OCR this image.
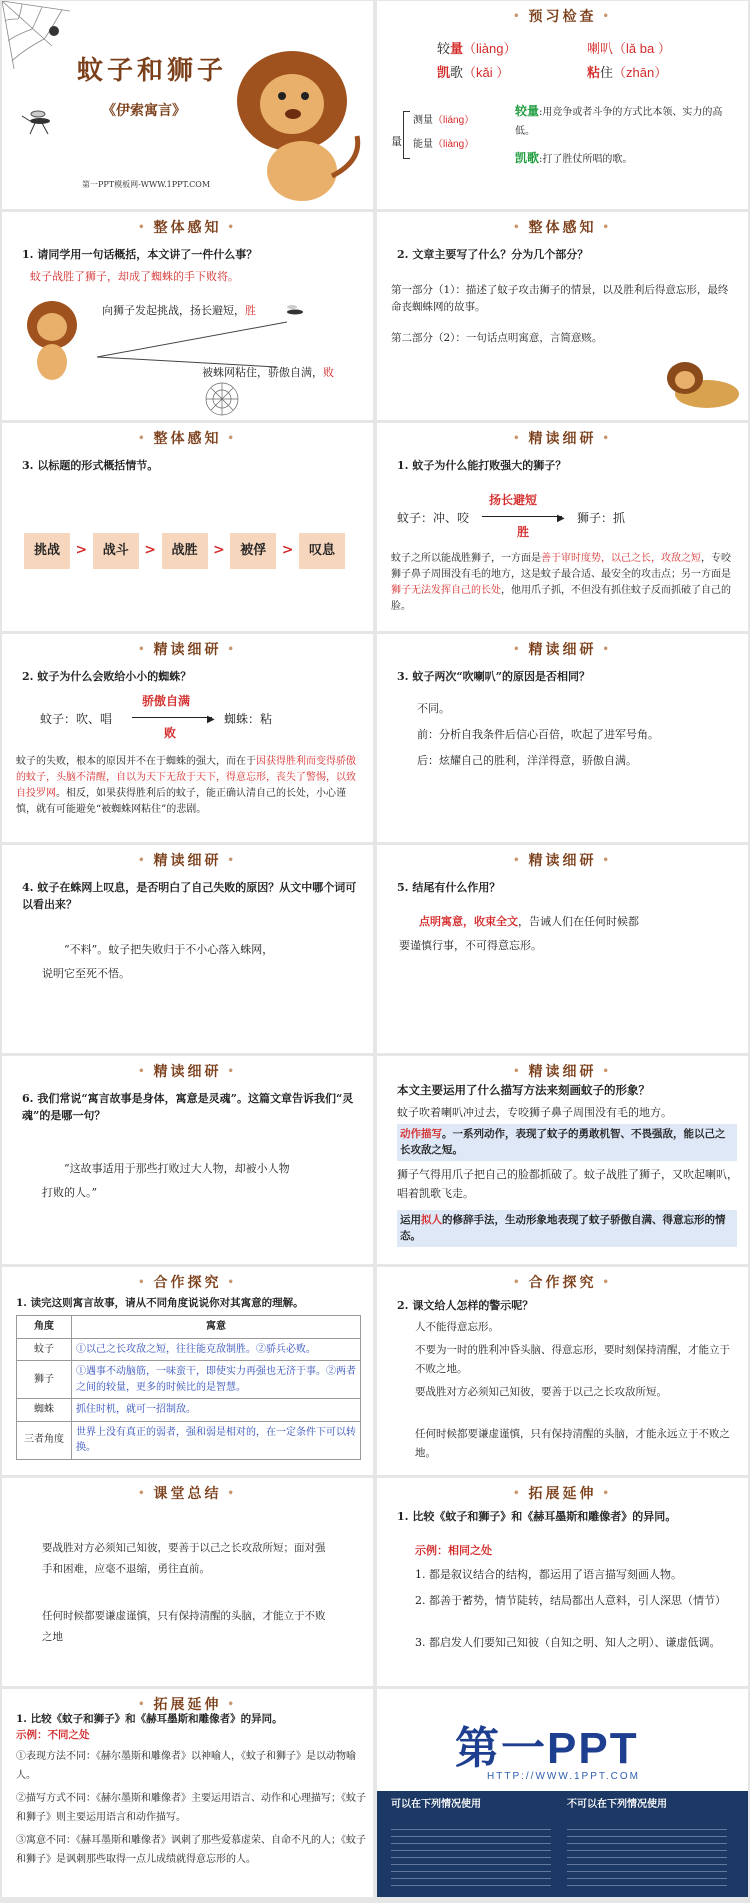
蚊子和狮子
《伊索寓言》
第一PPT模板网-WWW.1PPT.COM
• 预习检查 •
较量（liàng）	喇叭（lǎ ba ）
凯歌（kǎi ）	粘住（zhān）
量
测量（liáng）
能量（liàng）
较量:用竞争或者斗争的方式比本领、实力的高低。
凯歌:打了胜仗所唱的歌。
• 整体感知 •
1. 请同学用一句话概括，本文讲了一件什么事？
蚊子战胜了狮子，却成了蜘蛛的手下败将。
向狮子发起挑战，扬长避短，胜
被蛛网粘住，骄傲自满，败
• 整体感知 •
2. 文章主要写了什么？分为几个部分？
第一部分（1）：描述了蚊子攻击狮子的情景，以及胜利后得意忘形，最终命丧蜘蛛网的故事。
第二部分（2）：一句话点明寓意，言简意赅。
• 整体感知 •
3. 以标题的形式概括情节。
挑战 > 战斗 > 战胜 > 被俘 > 叹息
• 精读细研 •
1. 蚊子为什么能打败强大的狮子？
蚊子：冲、咬
扬长避短
▶
胜
狮子：抓
蚊子之所以能战胜狮子，一方面是善于审时度势，以己之长，攻敌之短，专咬狮子鼻子周围没有毛的地方，这是蚊子最合适、最安全的攻击点；另一方面是狮子无法发挥自己的长处，他用爪子抓，不但没有抓住蚊子反而抓破了自己的脸。
• 精读细研 •
2. 蚊子为什么会败给小小的蜘蛛？
蚊子：吹、唱
骄傲自满
▶
败
蜘蛛：粘
蚊子的失败，根本的原因并不在于蜘蛛的强大，而在于因获得胜利而变得骄傲的蚊子，头脑不清醒，自以为天下无敌于天下，得意忘形，丧失了警惕，以致自投罗网。相反，如果获得胜利后的蚊子，能正确认清自己的长处，小心谨慎，就有可能避免“被蜘蛛网粘住”的悲剧。
• 精读细研 •
3. 蚊子两次“吹喇叭”的原因是否相同？
不同。
前：分析自我条件后信心百倍，吹起了进军号角。
后：炫耀自己的胜利，洋洋得意，骄傲自满。
• 精读细研 •
4. 蚊子在蛛网上叹息，是否明白了自己失败的原因？从文中哪个词可以看出来？
“不料”。蚊子把失败归于不小心落入蛛网，
说明它至死不悟。
• 精读细研 •
5. 结尾有什么作用？
点明寓意，收束全文，告诫人们在任何时候都
要谨慎行事，不可得意忘形。
• 精读细研 •
6. 我们常说“寓言故事是身体，寓意是灵魂”。这篇文章告诉我们“灵魂”的是哪一句？
“这故事适用于那些打败过大人物，却被小人物
打败的人。”
• 精读细研 •
本文主要运用了什么描写方法来刻画蚊子的形象？
蚊子吹着喇叭冲过去，专咬狮子鼻子周围没有毛的地方。
动作描写。一系列动作，表现了蚊子的勇敢机智、不畏强敌，能以己之长攻敌之短。
狮子气得用爪子把自己的脸都抓破了。蚊子战胜了狮子，又吹起喇叭，唱着凯歌飞走。
运用拟人的修辞手法，生动形象地表现了蚊子骄傲自满、得意忘形的情态。
• 合作探究 •
1. 读完这则寓言故事，请从不同角度说说你对其寓意的理解。
角度	寓意
蚊子	①以己之长攻敌之短，往往能克敌制胜。②骄兵必败。
狮子	①遇事不动脑筋，一味蛮干，即使实力再强也无济于事。②两者之间的较量，更多的时候比的是智慧。
蜘蛛	抓住时机，就可一招制敌。
三者角度	世界上没有真正的弱者，强和弱是相对的，在一定条件下可以转换。
• 合作探究 •
2. 课文给人怎样的警示呢？
人不能得意忘形。
不要为一时的胜利冲昏头脑、得意忘形，要时刻保持清醒，才能立于不败之地。
要战胜对方必须知己知彼，要善于以己之长攻敌所短。
任何时候都要谦虚谨慎，只有保持清醒的头脑，才能永远立于不败之地。
• 课堂总结 •
要战胜对方必须知己知彼，要善于以己之长攻敌所短；面对强手和困难，应毫不退缩，勇往直前。
任何时候都要谦虚谨慎，只有保持清醒的头脑，才能立于不败之地
• 拓展延伸 •
1. 比较《蚊子和狮子》和《赫耳墨斯和雕像者》的异同。
示例：相同之处
1. 都是叙议结合的结构，都运用了语言描写刻画人物。
2. 都善于蓄势，情节陡转，结局都出人意料，引人深思（情节）
3. 都启发人们要知己知彼（自知之明、知人之明）、谦虚低调。
• 拓展延伸 •
1. 比较《蚊子和狮子》和《赫耳墨斯和雕像者》的异同。
示例：不同之处
①表现方法不同：《赫尔墨斯和雕像者》以神喻人，《蚊子和狮子》是以动物喻人。
②描写方式不同：《赫尔墨斯和雕像者》主要运用语言、动作和心理描写；《蚊子和狮子》则主要运用语言和动作描写。
③寓意不同：《赫耳墨斯和雕像者》讽刺了那些爱慕虚荣、自命不凡的人；《蚊子和狮子》是讽刺那些取得一点儿成绩就得意忘形的人。
第一PPT
HTTP://WWW.1PPT.COM
可以在下列情况使用	不可以在下列情况使用
